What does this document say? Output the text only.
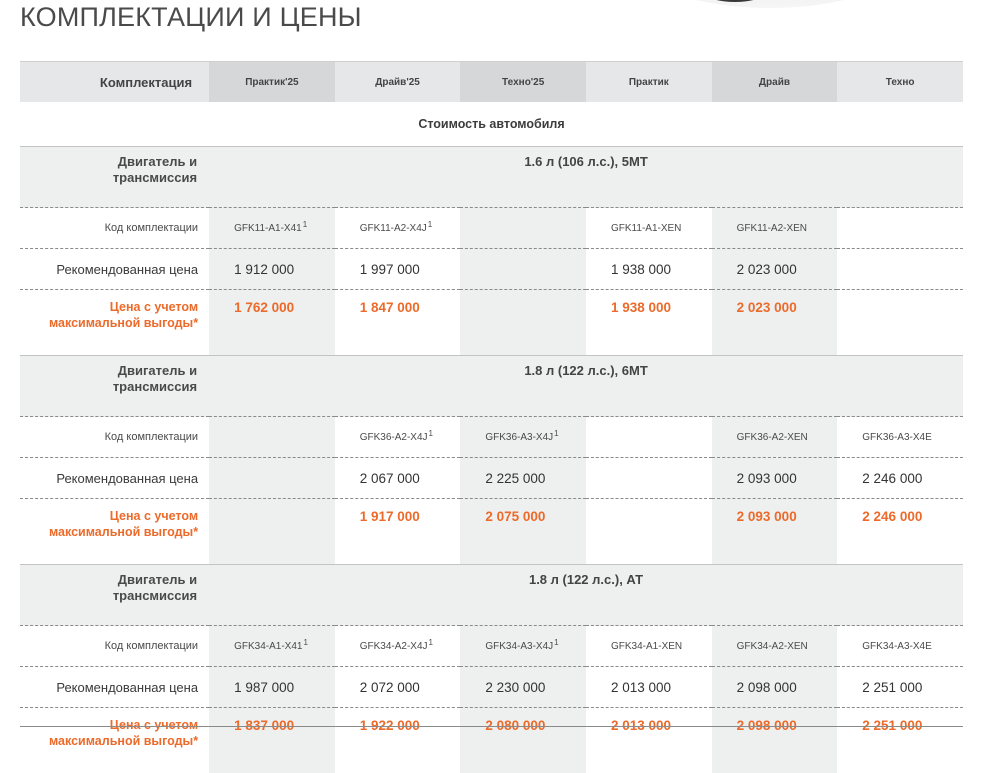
КОМПЛЕКТАЦИИ И ЦЕНЫ
Комплектация	Практик'25	Драйв'25	Техно'25	Практик	Драйв	Техно
Стоимость автомобиля						

Двигатель и
трансмиссия	1.6 л (106 л.с.), 5МТ					
Код комплектации	GFK11-A1-X41$^1$	GFK11-A2-X4J$^1$		GFK11-A1-XEN	GFK11-A2-XEN	
Рекомендованная цена	1 912 000	1 997 000		1 938 000	2 023 000	

Цена с учетом
максимальной выгоды*	1 762 000	1 847 000		1 938 000	2 023 000	

Двигатель и
трансмиссия	1.8 л (122 л.с.), 6МТ					
Код комплектации		GFK36-A2-X4J$^1$	GFK36-A3-X4J$^1$		GFK36-A2-XEN	GFK36-A3-X4E
Рекомендованная цена		2 067 000	2 225 000		2 093 000	2 246 000

Цена с учетом
максимальной выгоды*		1 917 000	2 075 000		2 093 000	2 246 000

Двигатель и
трансмиссия	1.8 л (122 л.с.), АТ					
Код комплектации	GFK34-A1-X41$^1$	GFK34-A2-X4J$^1$	GFK34-A3-X4J$^1$	GFK34-A1-XEN	GFK34-A2-XEN	GFK34-A3-X4E
Рекомендованная цена	1 987 000	2 072 000	2 230 000	2 013 000	2 098 000	2 251 000

Цена с учетом
максимальной выгоды*	1 837 000	1 922 000	2 080 000	2 013 000	2 098 000	2 251 000
